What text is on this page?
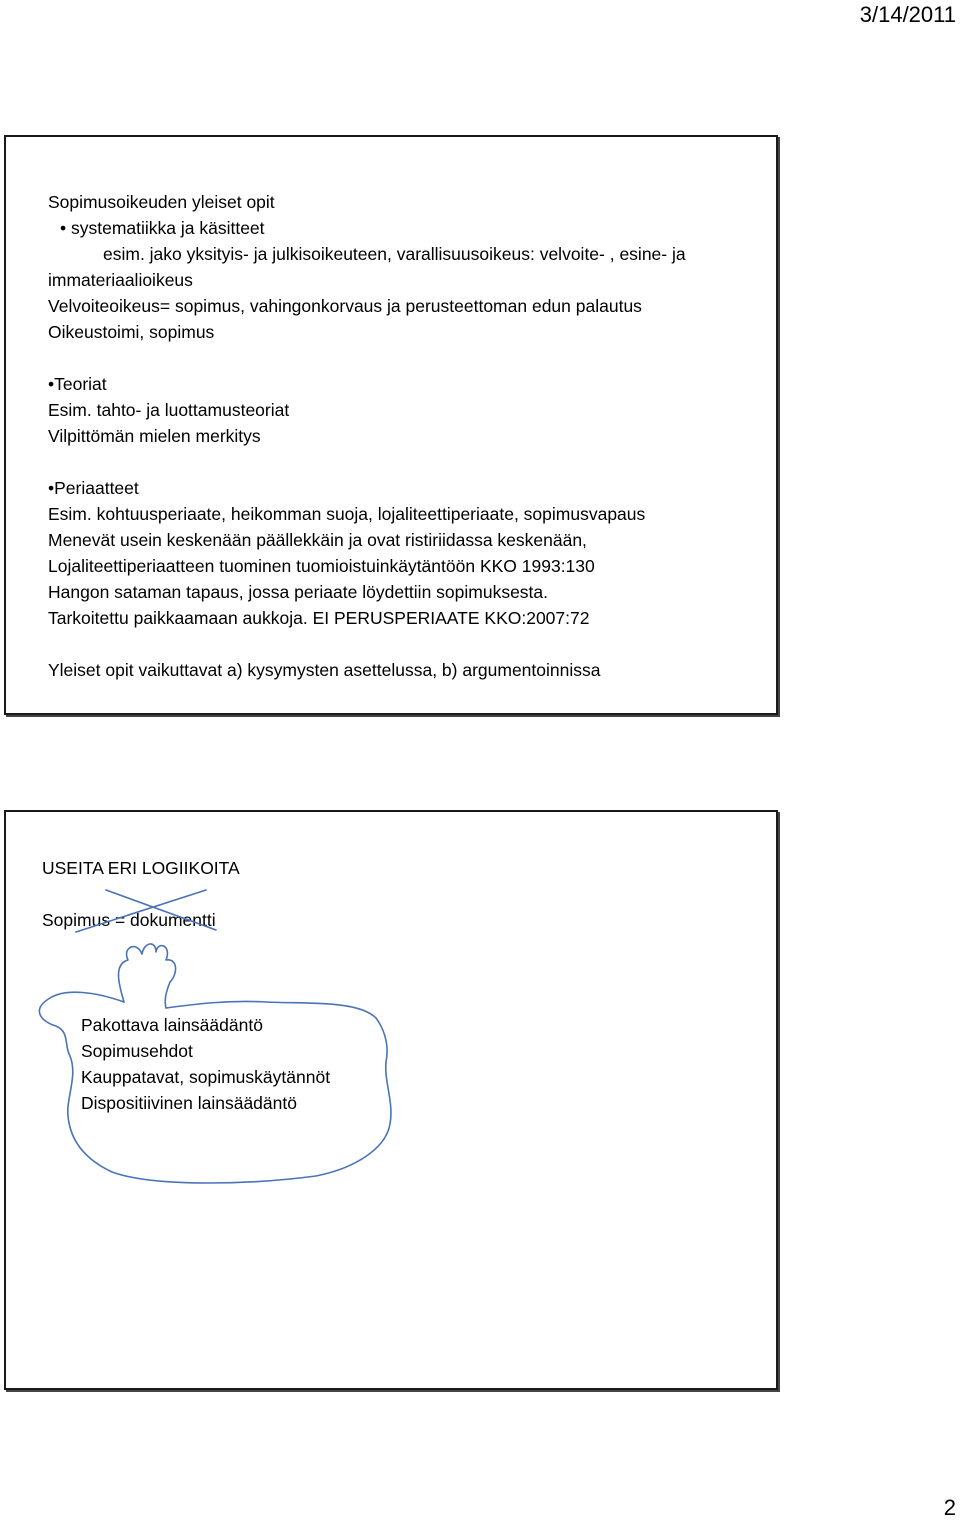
3/14/2011
Sopimusoikeuden yleiset opit
• systematiikka ja käsitteet
esim. jako yksityis- ja julkisoikeuteen, varallisuusoikeus: velvoite- , esine- ja
immateriaalioikeus
Velvoiteoikeus= sopimus, vahingonkorvaus ja perusteettoman edun palautus
Oikeustoimi, sopimus
•Teoriat
Esim. tahto- ja luottamusteoriat
Vilpittömän mielen merkitys
•Periaatteet
Esim. kohtuusperiaate, heikomman suoja, lojaliteettiperiaate, sopimusvapaus
Menevät usein keskenään päällekkäin ja ovat ristiriidassa keskenään,
Lojaliteettiperiaatteen tuominen tuomioistuinkäytäntöön KKO 1993:130
Hangon sataman tapaus, jossa periaate löydettiin sopimuksesta.
Tarkoitettu paikkaamaan aukkoja. EI PERUSPERIAATE KKO:2007:72
Yleiset opit vaikuttavat a) kysymysten asettelussa, b) argumentoinnissa
USEITA ERI LOGIIKOITA
Sopimus = dokumentti
Pakottava lainsäädäntö
Sopimusehdot
Kauppatavat, sopimuskäytännöt
Dispositiivinen lainsäädäntö
2
